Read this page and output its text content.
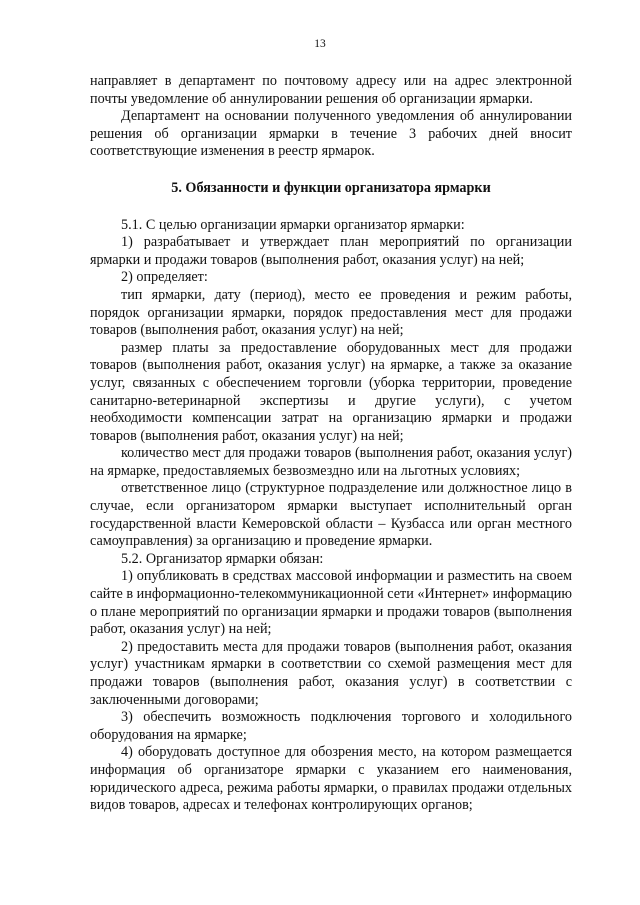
13

направляет в департамент по почтовому адресу или на адрес электронной почты уведомление об аннулировании решения об организации ярмарки.

Департамент на основании полученного уведомления об аннулировании решения об организации ярмарки в течение 3 рабочих дней вносит соответствующие изменения в реестр ярмарок.

5. Обязанности и функции организатора ярмарки

5.1. С целью организации ярмарки организатор ярмарки:

1) разрабатывает и утверждает план мероприятий по организации ярмарки и продажи товаров (выполнения работ, оказания услуг) на ней;

2) определяет:

тип ярмарки, дату (период), место ее проведения и режим работы, порядок организации ярмарки, порядок предоставления мест для продажи товаров (выполнения работ, оказания услуг) на ней;

размер платы за предоставление оборудованных мест для продажи товаров (выполнения работ, оказания услуг) на ярмарке, а также за оказание услуг, связанных с обеспечением торговли (уборка территории, проведение санитарно-ветеринарной экспертизы и другие услуги), с учетом необходимости компенсации затрат на организацию ярмарки и продажи товаров (выполнения работ, оказания услуг) на ней;

количество мест для продажи товаров (выполнения работ, оказания услуг) на ярмарке, предоставляемых безвозмездно или на льготных условиях;

ответственное лицо (структурное подразделение или должностное лицо в случае, если организатором ярмарки выступает исполнительный орган государственной власти Кемеровской области – Кузбасса или орган местного самоуправления) за организацию и проведение ярмарки.

5.2. Организатор ярмарки обязан:

1) опубликовать в средствах массовой информации и разместить на своем сайте в информационно-телекоммуникационной сети «Интернет» информацию о плане мероприятий по организации ярмарки и продажи товаров (выполнения работ, оказания услуг) на ней;

2) предоставить места для продажи товаров (выполнения работ, оказания услуг) участникам ярмарки в соответствии со схемой размещения мест для продажи товаров (выполнения работ, оказания услуг) в соответствии с заключенными договорами;

3) обеспечить возможность подключения торгового и холодильного оборудования на ярмарке;

4) оборудовать доступное для обозрения место, на котором размещается информация об организаторе ярмарки с указанием его наименования, юридического адреса, режима работы ярмарки, о правилах продажи отдельных видов товаров, адресах и телефонах контролирующих органов;
